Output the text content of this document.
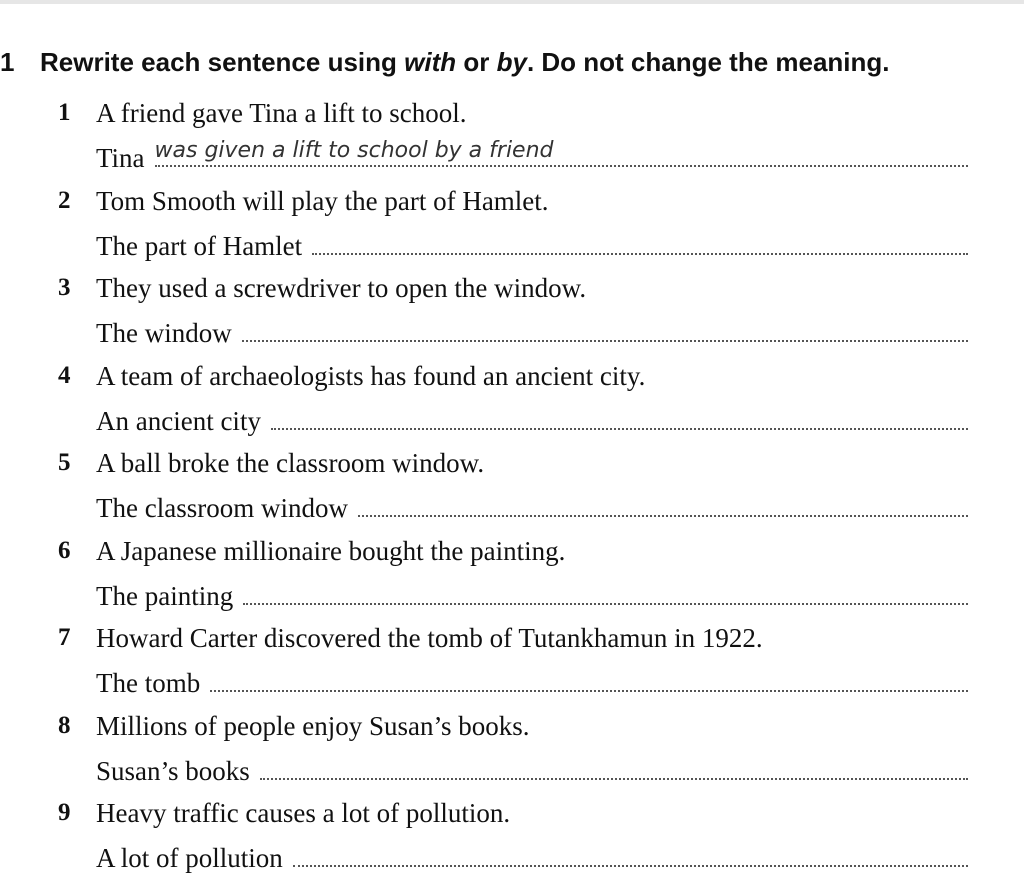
1 Rewrite each sentence using with or by. Do not change the meaning.
1 A friend gave Tina a lift to school.
Tina was given a lift to school by a friend
2 Tom Smooth will play the part of Hamlet.
The part of Hamlet
3 They used a screwdriver to open the window.
The window
4 A team of archaeologists has found an ancient city.
An ancient city
5 A ball broke the classroom window.
The classroom window
6 A Japanese millionaire bought the painting.
The painting
7 Howard Carter discovered the tomb of Tutankhamun in 1922.
The tomb
8 Millions of people enjoy Susan’s books.
Susan’s books
9 Heavy traffic causes a lot of pollution.
A lot of pollution
